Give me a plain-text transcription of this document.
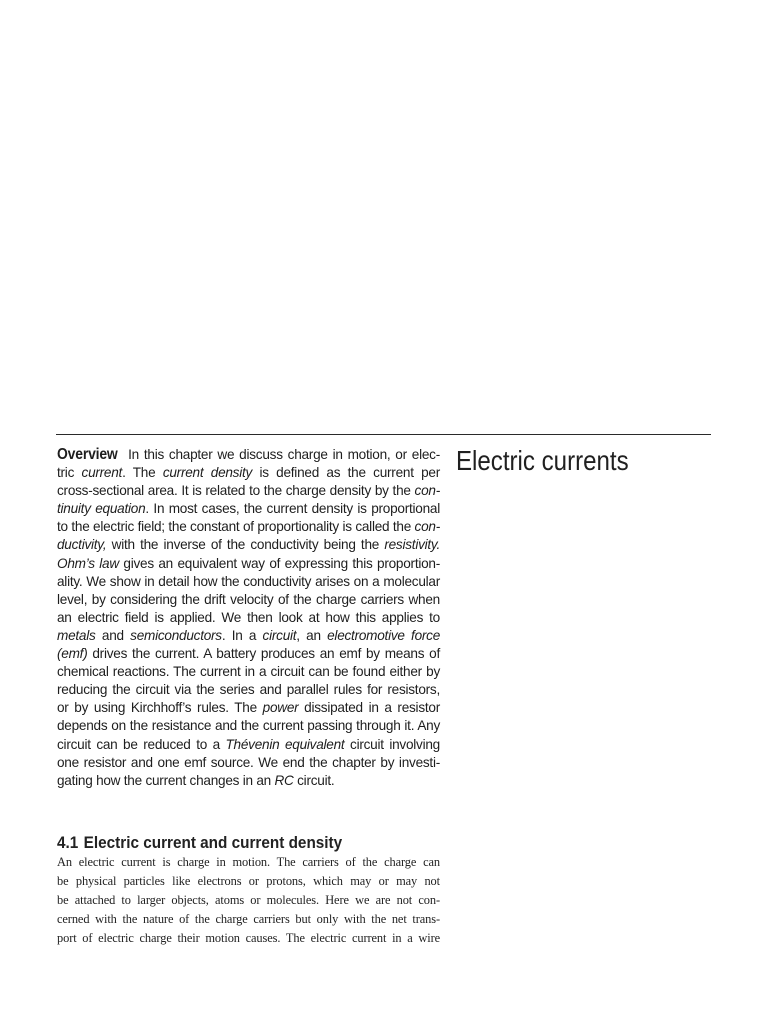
Electric currents
Overview In this chapter we discuss charge in motion, or elec-
tric current. The current density is defined as the current per
cross-sectional area. It is related to the charge density by the con-
tinuity equation. In most cases, the current density is proportional
to the electric field; the constant of proportionality is called the con-
ductivity, with the inverse of the conductivity being the resistivity.
Ohm’s law gives an equivalent way of expressing this proportion-
ality. We show in detail how the conductivity arises on a molecular
level, by considering the drift velocity of the charge carriers when
an electric field is applied. We then look at how this applies to
metals and semiconductors. In a circuit, an electromotive force
(emf) drives the current. A battery produces an emf by means of
chemical reactions. The current in a circuit can be found either by
reducing the circuit via the series and parallel rules for resistors,
or by using Kirchhoff’s rules. The power dissipated in a resistor
depends on the resistance and the current passing through it. Any
circuit can be reduced to a Thévenin equivalent circuit involving
one resistor and one emf source. We end the chapter by investi-
gating how the current changes in an RC circuit.
4.1 Electric current and current density
An electric current is charge in motion. The carriers of the charge can
be physical particles like electrons or protons, which may or may not
be attached to larger objects, atoms or molecules. Here we are not con-
cerned with the nature of the charge carriers but only with the net trans-
port of electric charge their motion causes. The electric current in a wire
